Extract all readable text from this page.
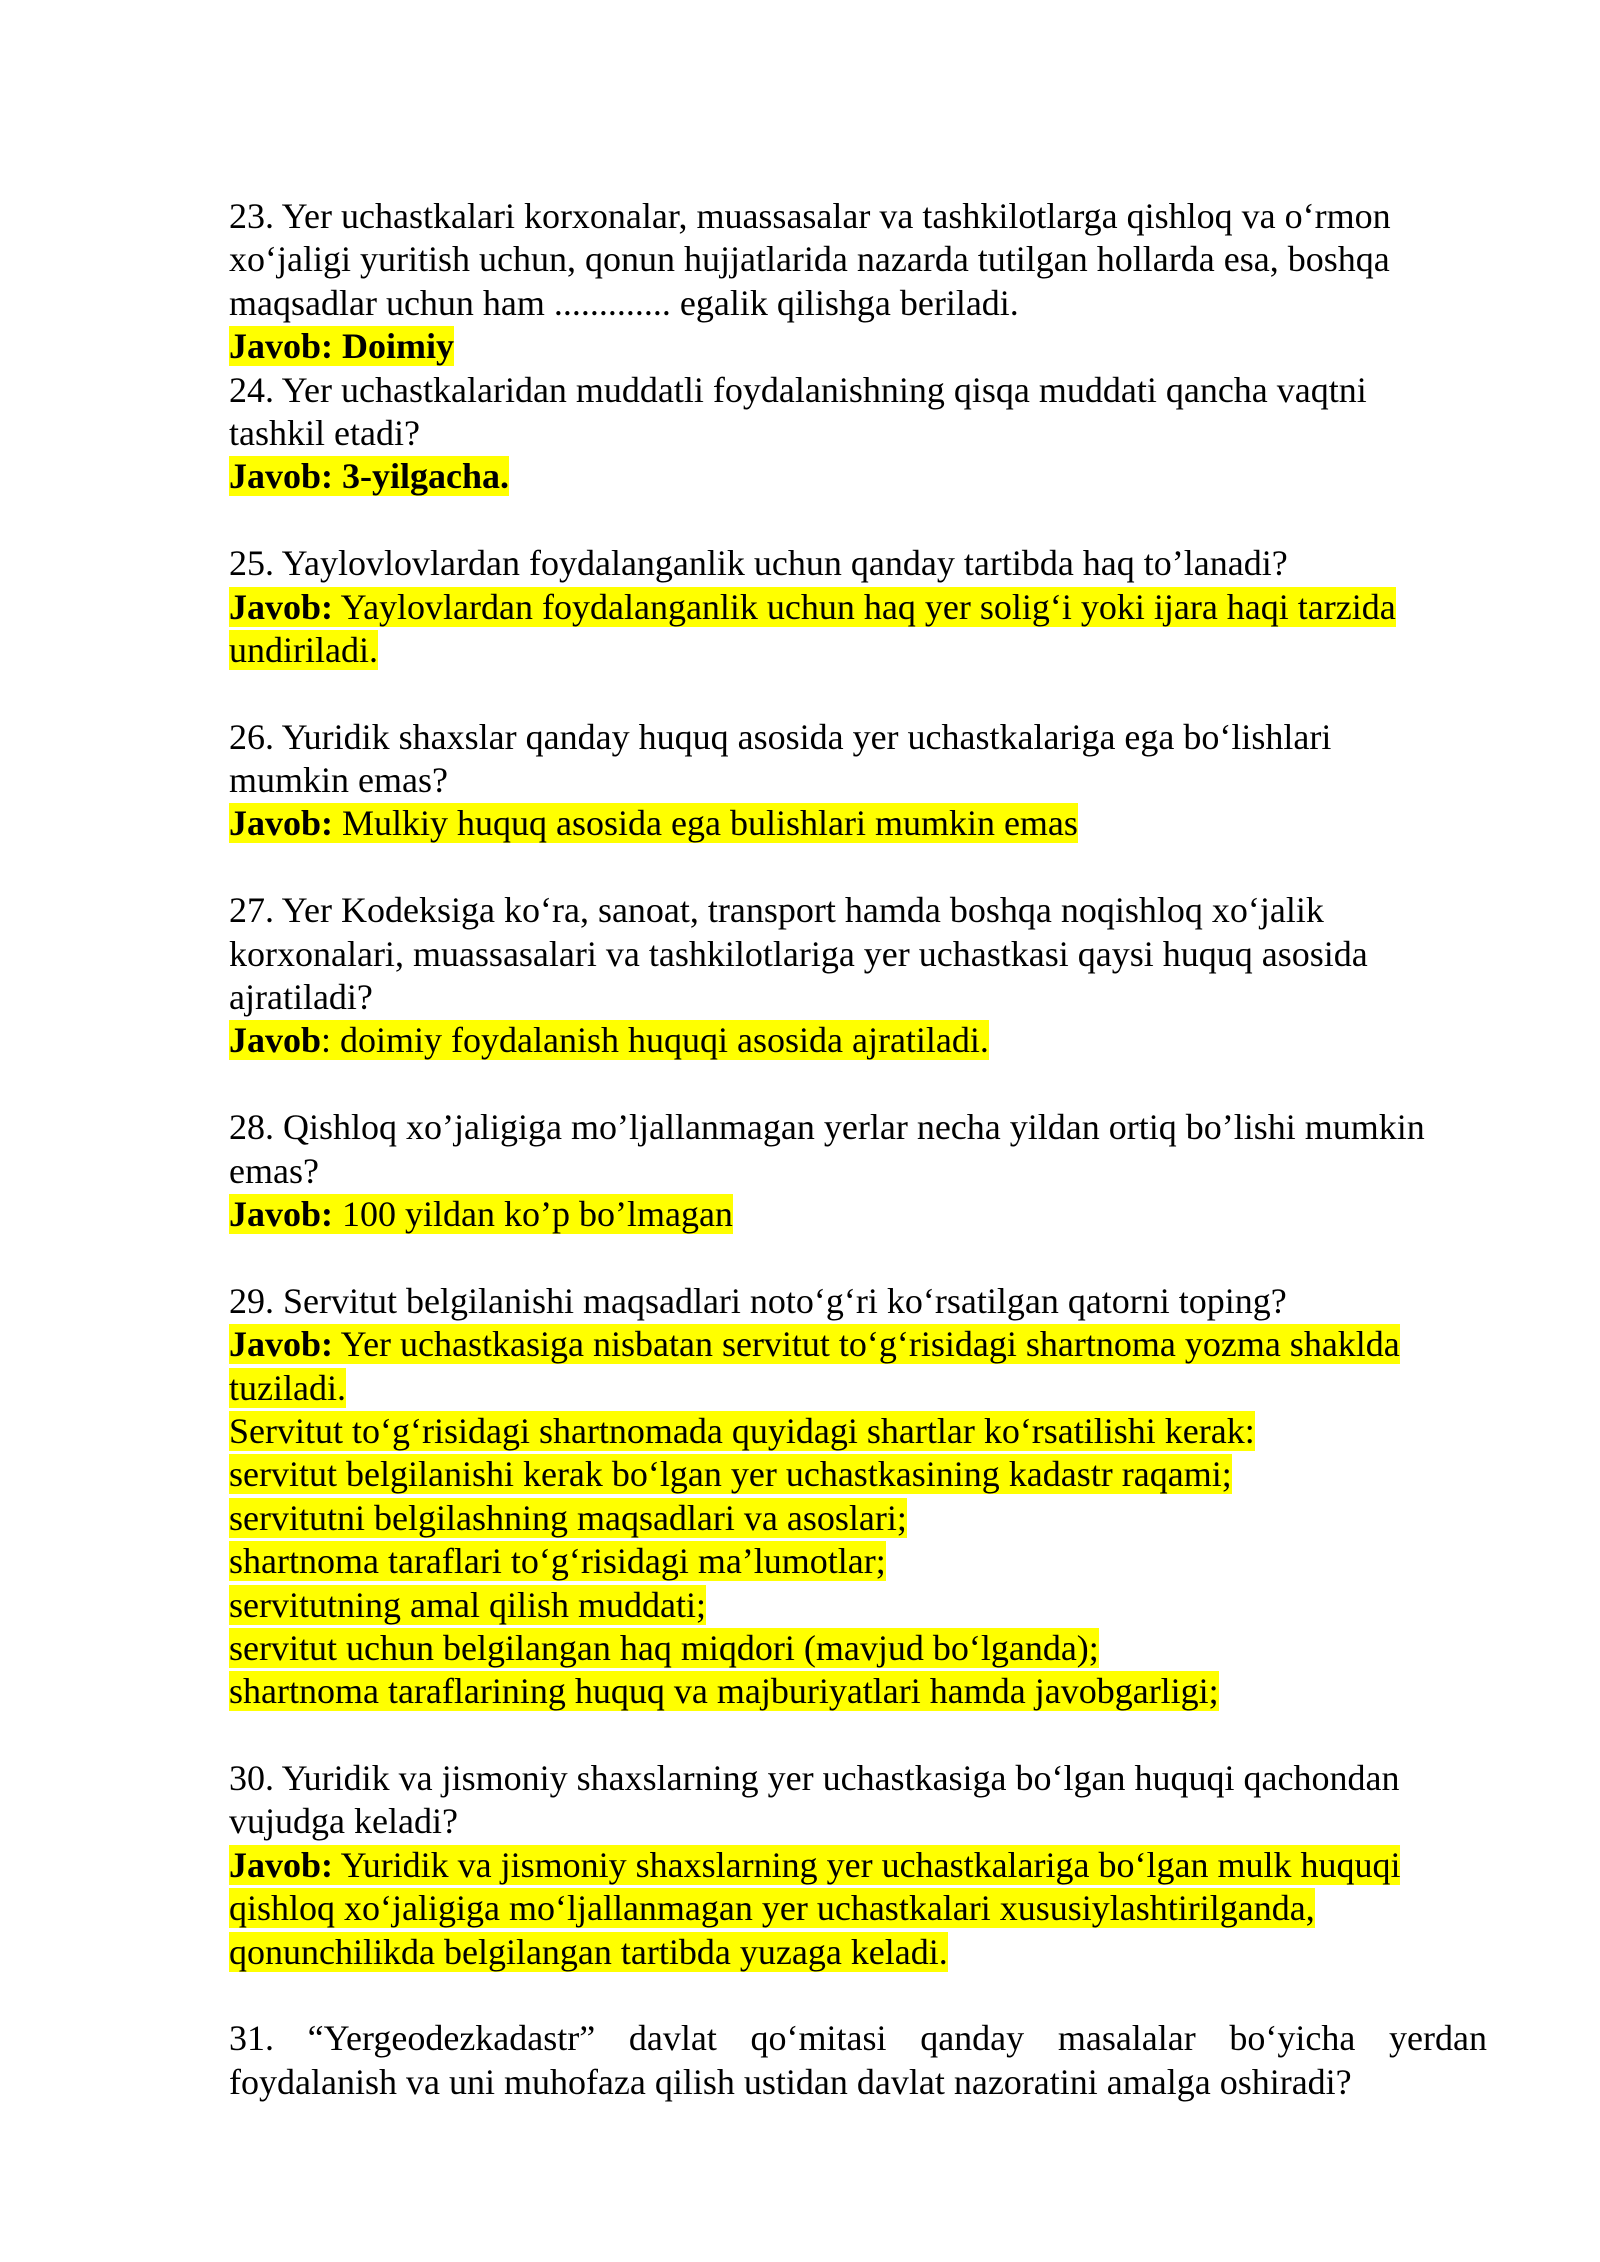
23. Yer uchastkalari korxonalar, muassasalar va tashkilotlarga qishloq va o‘rmon
xo‘jaligi yuritish uchun, qonun hujjatlarida nazarda tutilgan hollarda esa, boshqa
maqsadlar uchun ham ............. egalik qilishga beriladi.
Javob: Doimiy
24. Yer uchastkalaridan muddatli foydalanishning qisqa muddati qancha vaqtni
tashkil etadi?
Javob: 3-yilgacha.
25. Yaylovlovlardan foydalanganlik uchun qanday tartibda haq to’lanadi?
Javob: Yaylovlardan foydalanganlik uchun haq yer solig‘i yoki ijara haqi tarzida
undiriladi.
26. Yuridik shaxslar qanday huquq asosida yer uchastkalariga ega bo‘lishlari
mumkin emas?
Javob: Mulkiy huquq asosida ega bulishlari mumkin emas
27. Yer Kodeksiga ko‘ra, sanoat, transport hamda boshqa noqishloq xo‘jalik
korxonalari, muassasalari va tashkilotlariga yer uchastkasi qaysi huquq asosida
ajratiladi?
Javob: doimiy foydalanish huquqi asosida ajratiladi.
28. Qishloq xo’jaligiga mo’ljallanmagan yerlar necha yildan ortiq bo’lishi mumkin
emas?
Javob: 100 yildan ko’p bo’lmagan
29. Servitut belgilanishi maqsadlari noto‘g‘ri ko‘rsatilgan qatorni toping?
Javob: Yer uchastkasiga nisbatan servitut to‘g‘risidagi shartnoma yozma shaklda
tuziladi.
Servitut to‘g‘risidagi shartnomada quyidagi shartlar ko‘rsatilishi kerak:
servitut belgilanishi kerak bo‘lgan yer uchastkasining kadastr raqami;
servitutni belgilashning maqsadlari va asoslari;
shartnoma taraflari to‘g‘risidagi ma’lumotlar;
servitutning amal qilish muddati;
servitut uchun belgilangan haq miqdori (mavjud bo‘lganda);
shartnoma taraflarining huquq va majburiyatlari hamda javobgarligi;
30. Yuridik va jismoniy shaxslarning yer uchastkasiga bo‘lgan huquqi qachondan
vujudga keladi?
Javob: Yuridik va jismoniy shaxslarning yer uchastkalariga bo‘lgan mulk huquqi
qishloq xo‘jaligiga mo‘ljallanmagan yer uchastkalari xususiylashtirilganda,
qonunchilikda belgilangan tartibda yuzaga keladi.
31. “Yergeodezkadastr” davlat qo‘mitasi qanday masalalar bo‘yicha yerdan
foydalanish va uni muhofaza qilish ustidan davlat nazoratini amalga oshiradi?
